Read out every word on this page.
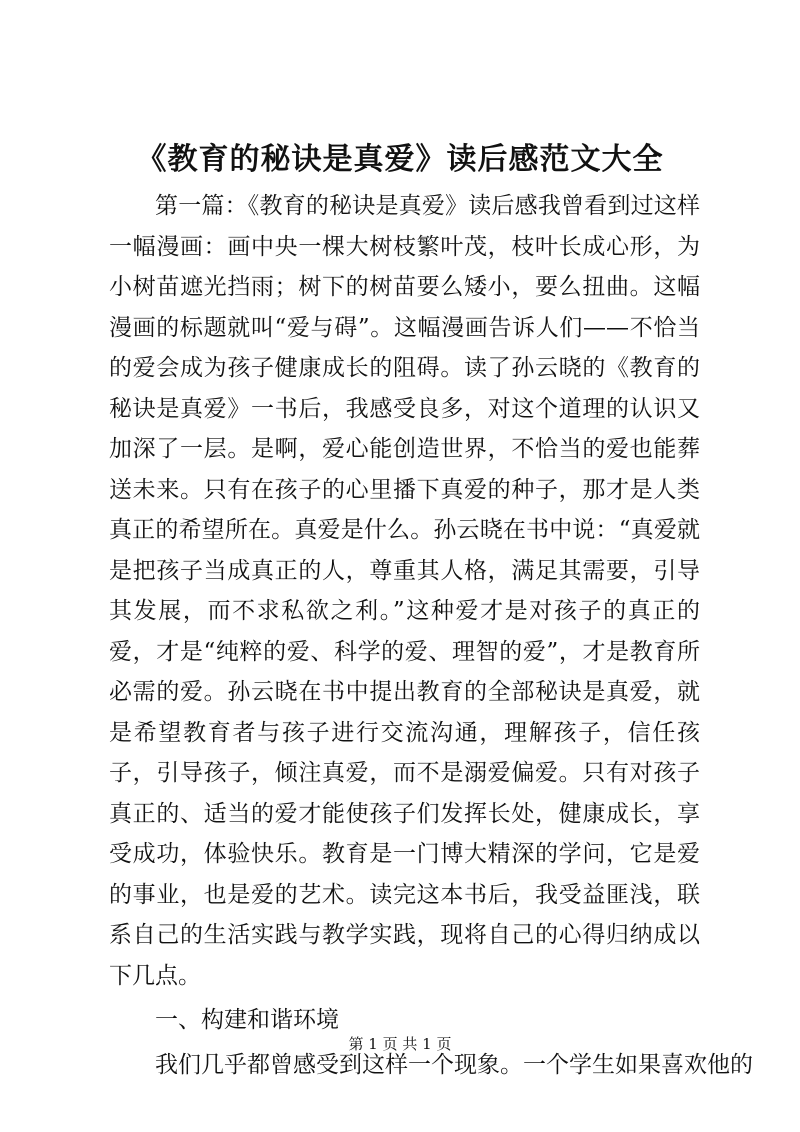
《教育的秘诀是真爱》读后感范文大全

第一篇：《教育的秘诀是真爱》读后感我曾看到过这样一幅漫画：画中央一棵大树枝繁叶茂，枝叶长成心形，为小树苗遮光挡雨；树下的树苗要么矮小，要么扭曲。这幅漫画的标题就叫“爱与碍”。这幅漫画告诉人们——不恰当的爱会成为孩子健康成长的阻碍。读了孙云晓的《教育的秘诀是真爱》一书后，我感受良多，对这个道理的认识又加深了一层。是啊，爱心能创造世界，不恰当的爱也能葬送未来。只有在孩子的心里播下真爱的种子，那才是人类真正的希望所在。真爱是什么。孙云晓在书中说：“真爱就是把孩子当成真正的人，尊重其人格，满足其需要，引导其发展，而不求私欲之利。”这种爱才是对孩子的真正的爱，才是“纯粹的爱、科学的爱、理智的爱”，才是教育所必需的爱。孙云晓在书中提出教育的全部秘诀是真爱，就是希望教育者与孩子进行交流沟通，理解孩子，信任孩子，引导孩子，倾注真爱，而不是溺爱偏爱。只有对孩子真正的、适当的爱才能使孩子们发挥长处，健康成长，享受成功，体验快乐。教育是一门博大精深的学问，它是爱的事业，也是爱的艺术。读完这本书后，我受益匪浅，联系自己的生活实践与教学实践，现将自己的心得归纳成以下几点。

一、构建和谐环境

我们几乎都曾感受到这样一个现象。一个学生如果喜欢他的

第 1 页 共 1 页
